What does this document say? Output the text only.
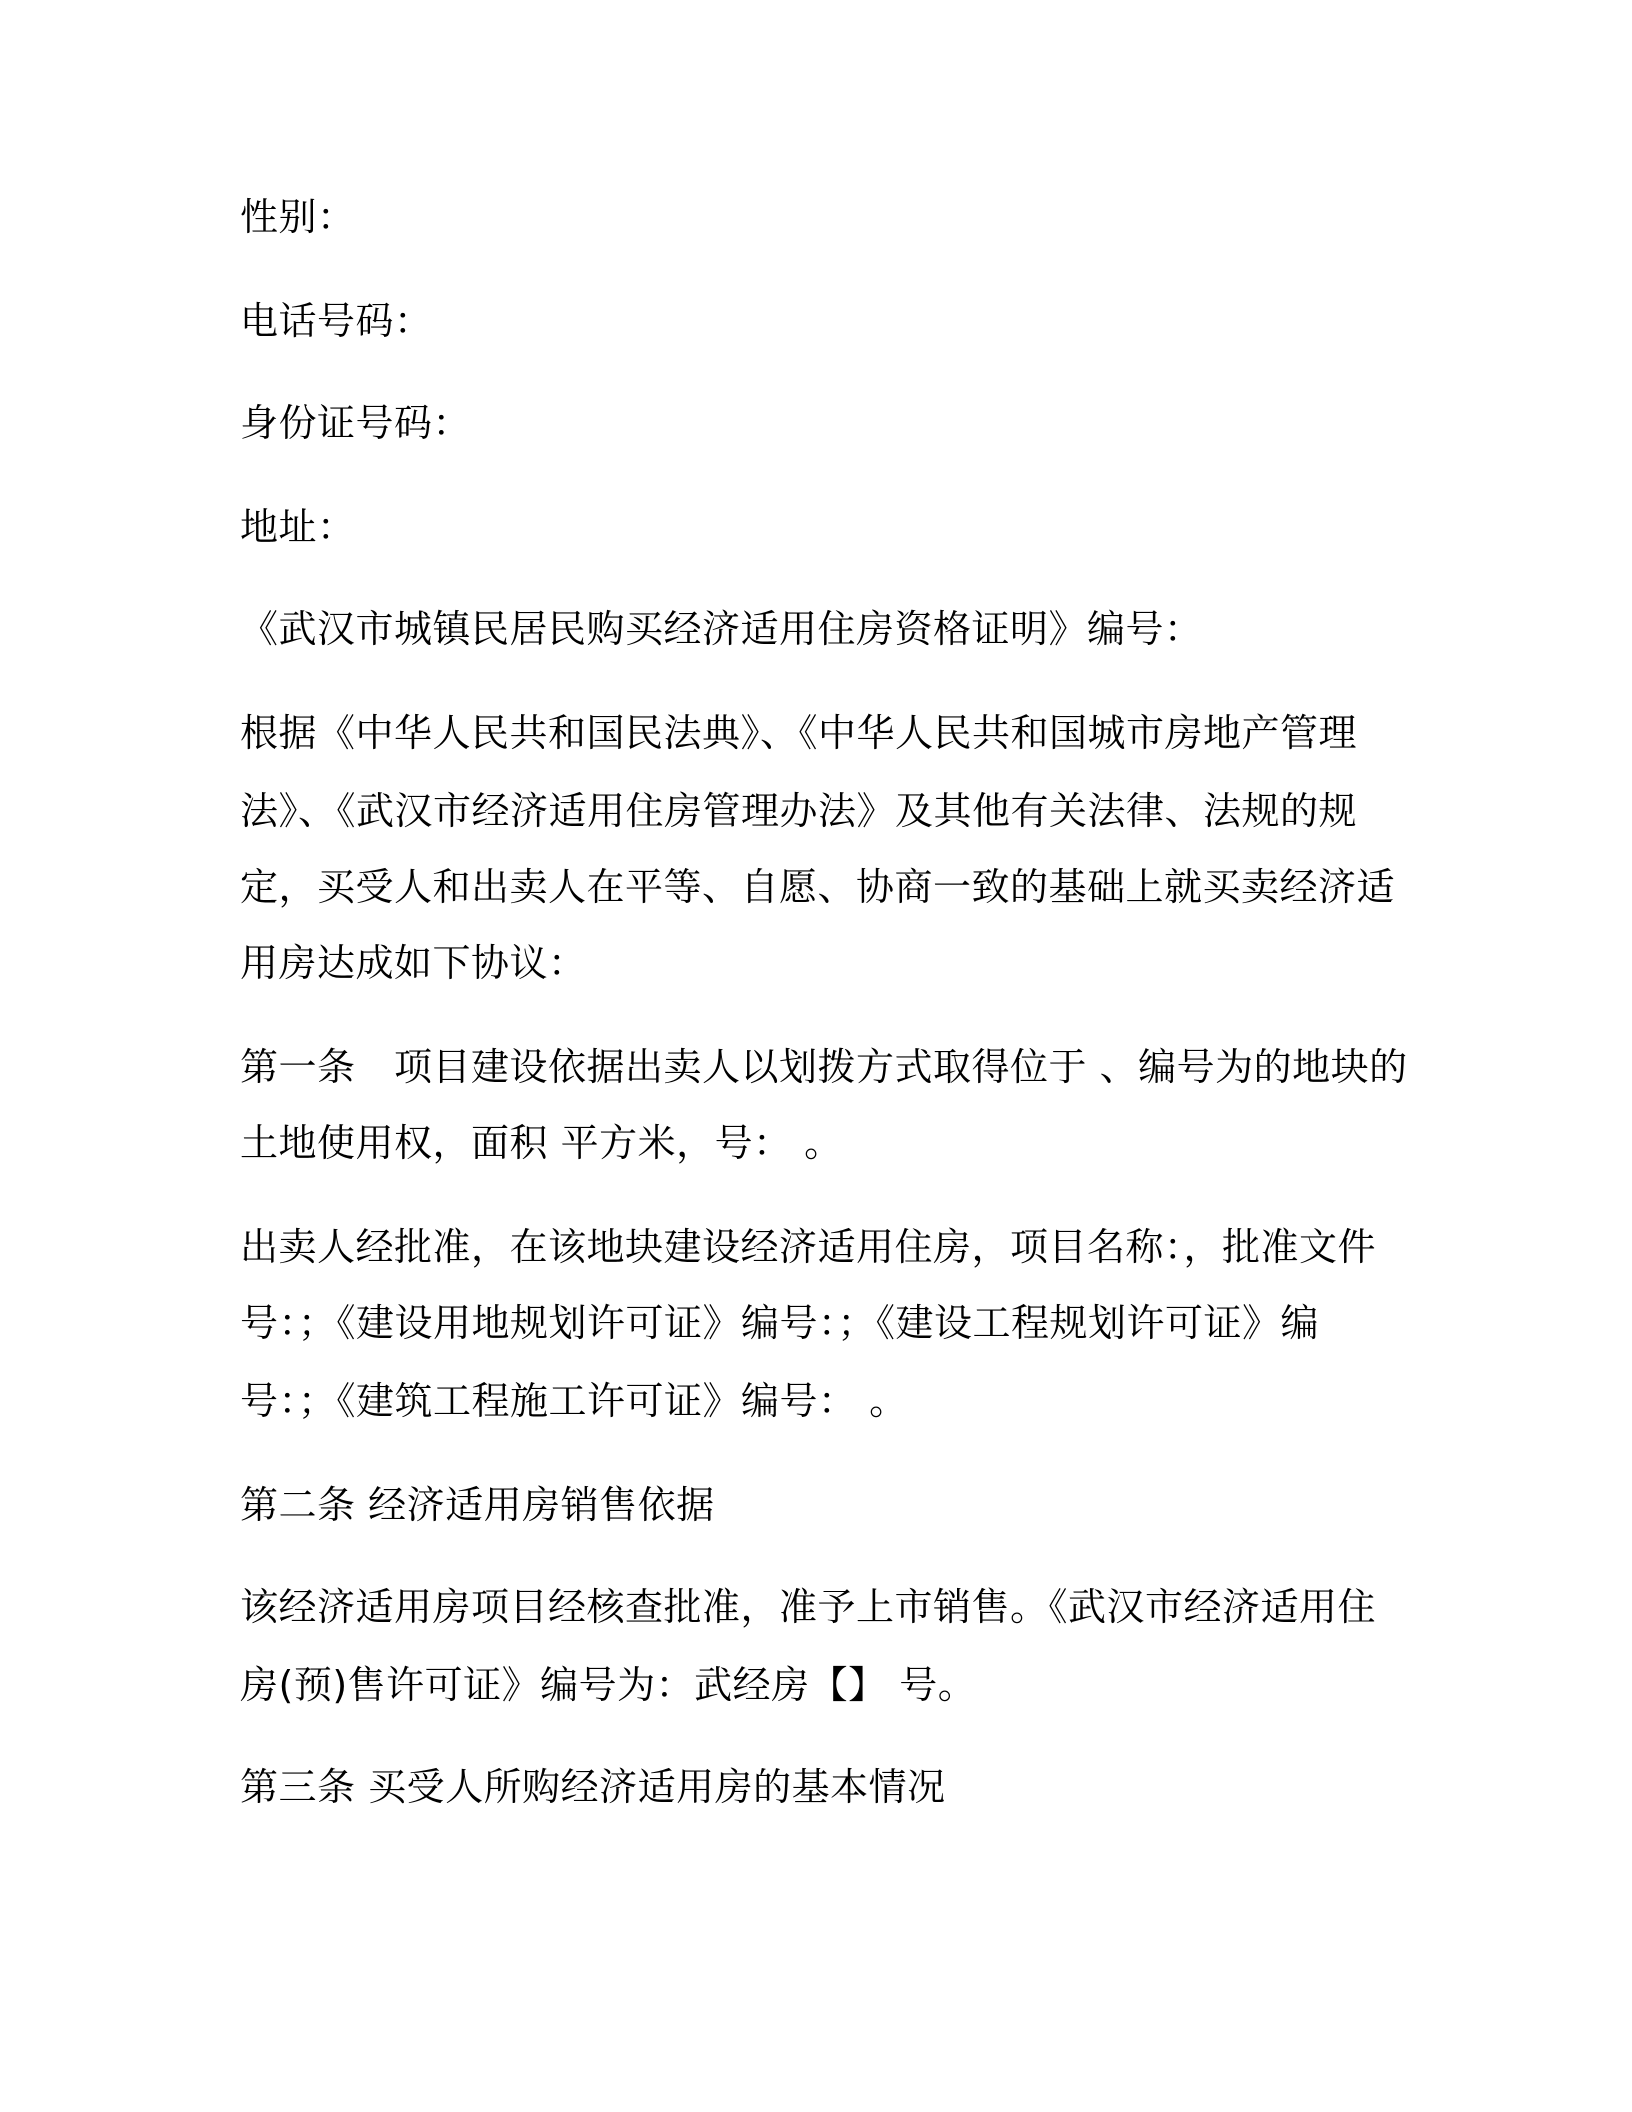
性别：

电话号码：

身份证号码：

地址：

《武汉市城镇民居民购买经济适用住房资格证明》编号：

根据《中华人民共和国民法典》、《中华人民共和国城市房地产管理

法》、《武汉市经济适用住房管理办法》及其他有关法律、法规的规

定，买受人和出卖人在平等、自愿、协商一致的基础上就买卖经济适

用房达成如下协议：

第一条　项目建设依据出卖人以划拨方式取得位于 、编号为的地块的

土地使用权，面积 平方米，号： 。

出卖人经批准，在该地块建设经济适用住房，项目名称：，批准文件

号：；《建设用地规划许可证》编号：；《建设工程规划许可证》编

号：；《建筑工程施工许可证》编号： 。

第二条 经济适用房销售依据

该经济适用房项目经核查批准，准予上市销售。《武汉市经济适用住

房(预)售许可证》编号为：武经房【】 号。

第三条 买受人所购经济适用房的基本情况
